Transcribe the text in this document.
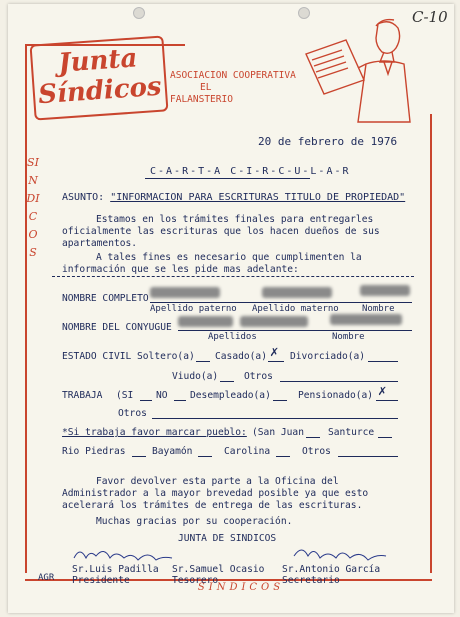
SINDICOS
SINDICOS
C-10
Junta
Síndicos ASOCIACION COOPERATIVA
EL
FALANSTERIO
20 de febrero de 1976
C-A-R-T-A C-I-R-C-U-L-A-R
ASUNTO: "INFORMACION PARA ESCRITURAS TITULO DE PROPIEDAD"
Estamos en los trámites finales para entregarles oficialmente las escrituras que los hacen dueños de sus apartamentos.
A tales fines es necesario que cumplimenten la información que se les pide mas adelante:
NOMBRE COMPLETO
Apellido paterno Apellido materno	Nombre
NOMBRE DEL CONYUGUE
Apellidos	Nombre
ESTADO CIVIL Soltero(a) Casado(a) ✗ Divorciado(a)
Viudo(a)	Otros
TRABAJA (SI NO Desempleado(a)	Pensionado(a) ✗
Otros
*Si trabaja favor marcar pueblo: (San Juan	Santurce
Rio Piedras	Bayamón	Carolina	Otros
Favor devolver esta parte a la Oficina del Administrador a la mayor brevedad posible ya que esto acelerará los trámites de entrega de las escrituras.
Muchas gracias por su cooperación.
JUNTA DE SINDICOS
Sr.Luis Padilla
Presidente
Sr.Samuel Ocasio
Tesorero
Sr.Antonio García
Secretario
AGR
